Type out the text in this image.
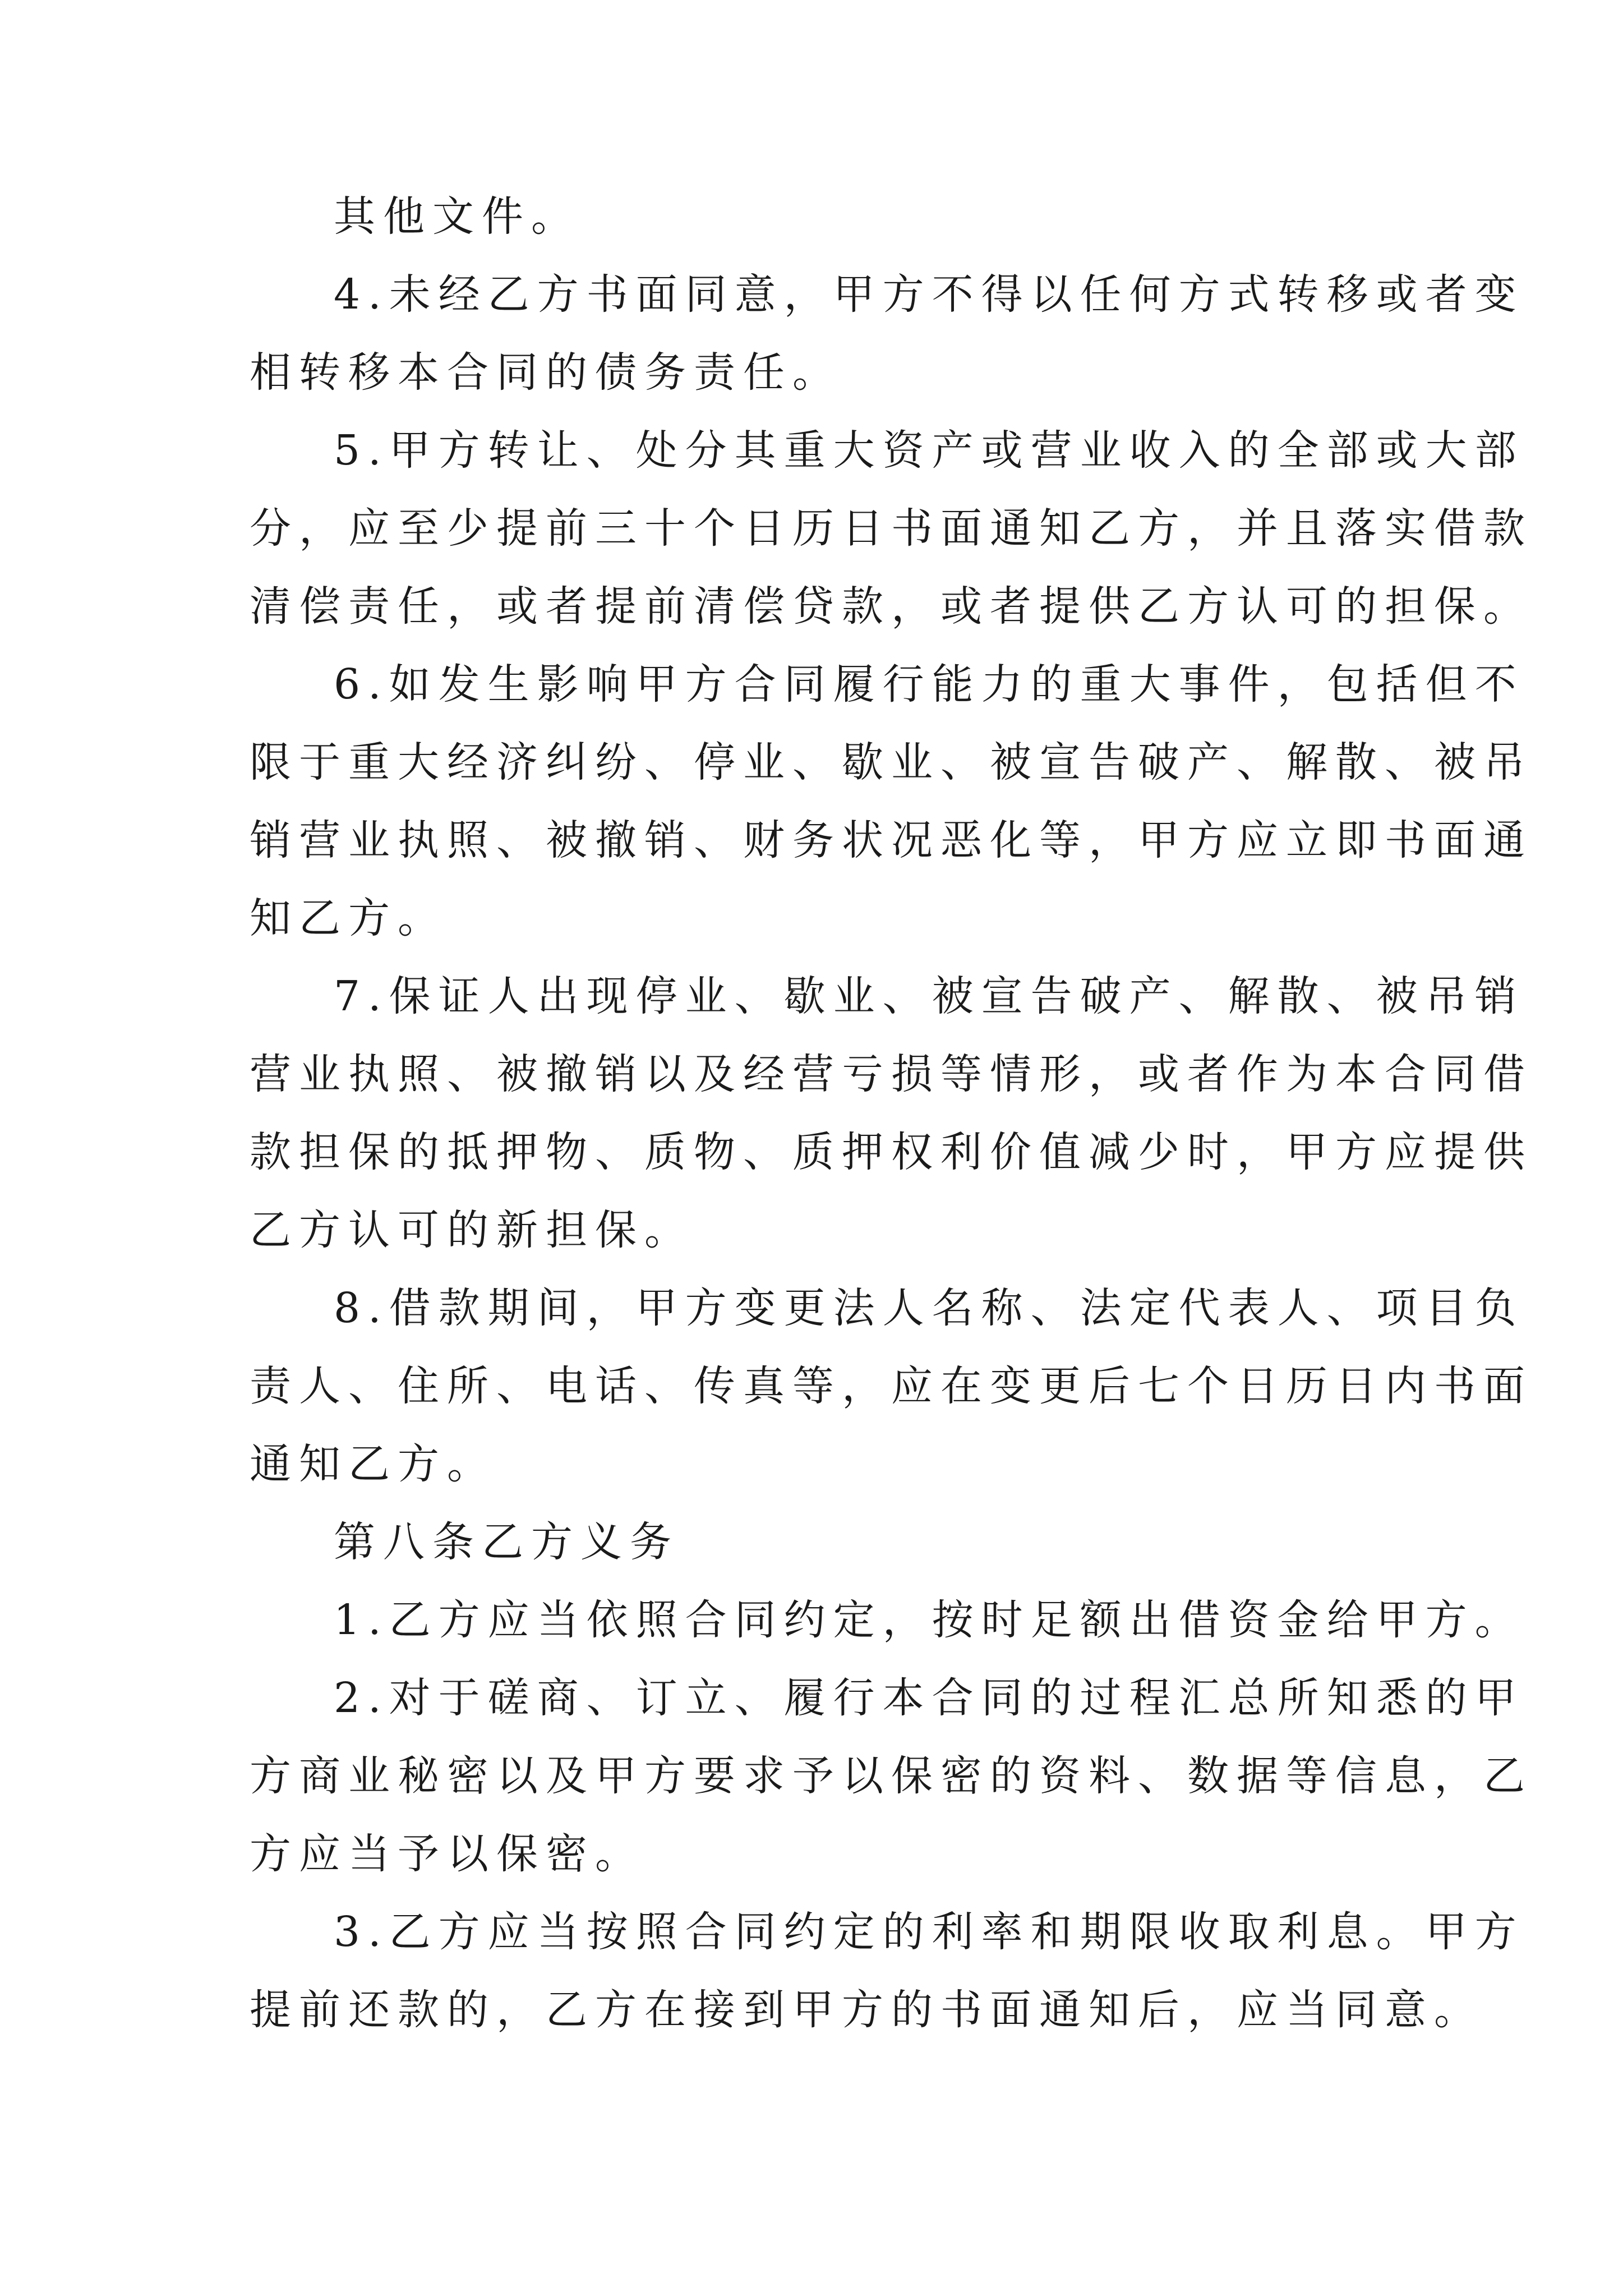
其他文件。
4.未经乙方书面同意，甲方不得以任何方式转移或者变
相转移本合同的债务责任。
5.甲方转让、处分其重大资产或营业收入的全部或大部
分，应至少提前三十个日历日书面通知乙方，并且落实借款
清偿责任，或者提前清偿贷款，或者提供乙方认可的担保。
6.如发生影响甲方合同履行能力的重大事件，包括但不
限于重大经济纠纷、停业、歇业、被宣告破产、解散、被吊
销营业执照、被撤销、财务状况恶化等，甲方应立即书面通
知乙方。
7.保证人出现停业、歇业、被宣告破产、解散、被吊销
营业执照、被撤销以及经营亏损等情形，或者作为本合同借
款担保的抵押物、质物、质押权利价值减少时，甲方应提供
乙方认可的新担保。
8.借款期间，甲方变更法人名称、法定代表人、项目负
责人、住所、电话、传真等，应在变更后七个日历日内书面
通知乙方。
第八条乙方义务
1.乙方应当依照合同约定，按时足额出借资金给甲方。
2.对于磋商、订立、履行本合同的过程汇总所知悉的甲
方商业秘密以及甲方要求予以保密的资料、数据等信息，乙
方应当予以保密。
3.乙方应当按照合同约定的利率和期限收取利息。甲方
提前还款的，乙方在接到甲方的书面通知后，应当同意。
